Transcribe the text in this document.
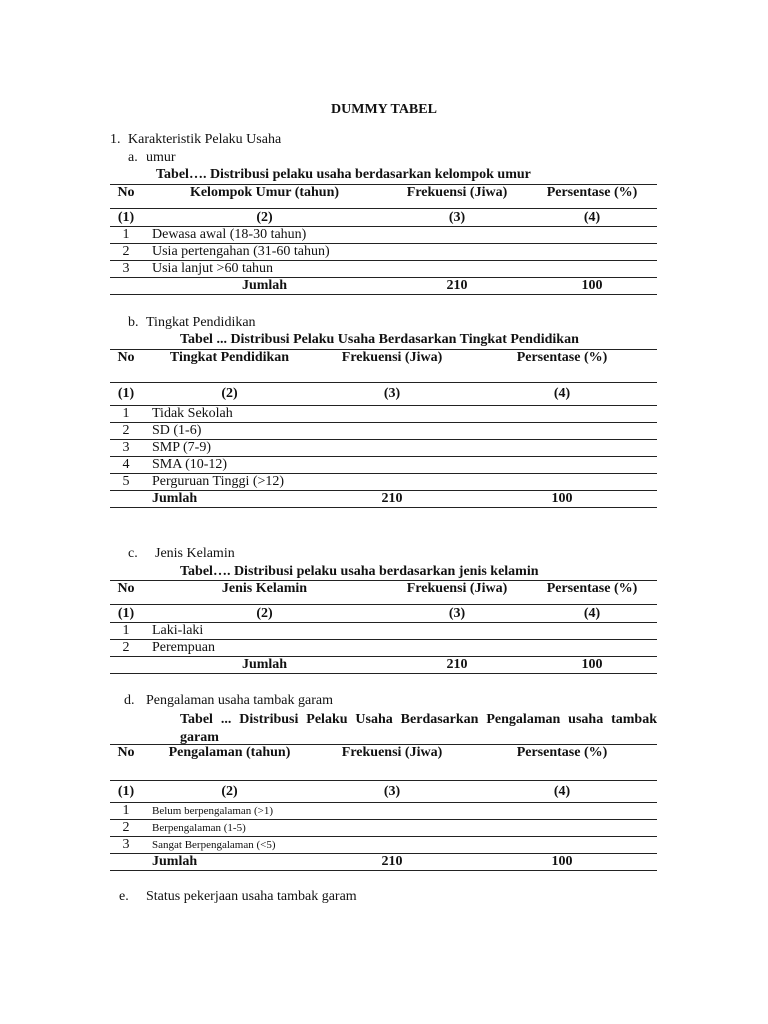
DUMMY TABEL
1. Karakteristik Pelaku Usaha
a. umur
Tabel…. Distribusi pelaku usaha berdasarkan kelompok umur
No	Kelompok Umur (tahun)	Frekuensi (Jiwa)	Persentase (%)
(1)	(2)	(3)	(4)
1	Dewasa awal (18-30 tahun)		
2	Usia pertengahan (31-60 tahun)		
3	Usia lanjut >60 tahun		
	Jumlah	210	100
b. Tingkat Pendidikan
Tabel ... Distribusi Pelaku Usaha Berdasarkan Tingkat Pendidikan
No	Tingkat Pendidikan	Frekuensi (Jiwa)	Persentase (%)
(1)	(2)	(3)	(4)
1	Tidak Sekolah		
2	SD (1-6)		
3	SMP (7-9)		
4	SMA (10-12)		
5	Perguruan Tinggi (>12)		
	Jumlah	210	100
c. Jenis Kelamin
Tabel…. Distribusi pelaku usaha berdasarkan jenis kelamin
No	Jenis Kelamin	Frekuensi (Jiwa)	Persentase (%)
(1)	(2)	(3)	(4)
1	Laki-laki		
2	Perempuan		
	Jumlah	210	100
d. Pengalaman usaha tambak garam
Tabel ... Distribusi Pelaku Usaha Berdasarkan Pengalaman usaha tambak garam
No	Pengalaman (tahun)	Frekuensi (Jiwa)	Persentase (%)
(1)	(2)	(3)	(4)
1	Belum berpengalaman (>1)		
2	Berpengalaman (1-5)		
3	Sangat Berpengalaman (<5)		
	Jumlah	210	100
e. Status pekerjaan usaha tambak garam
